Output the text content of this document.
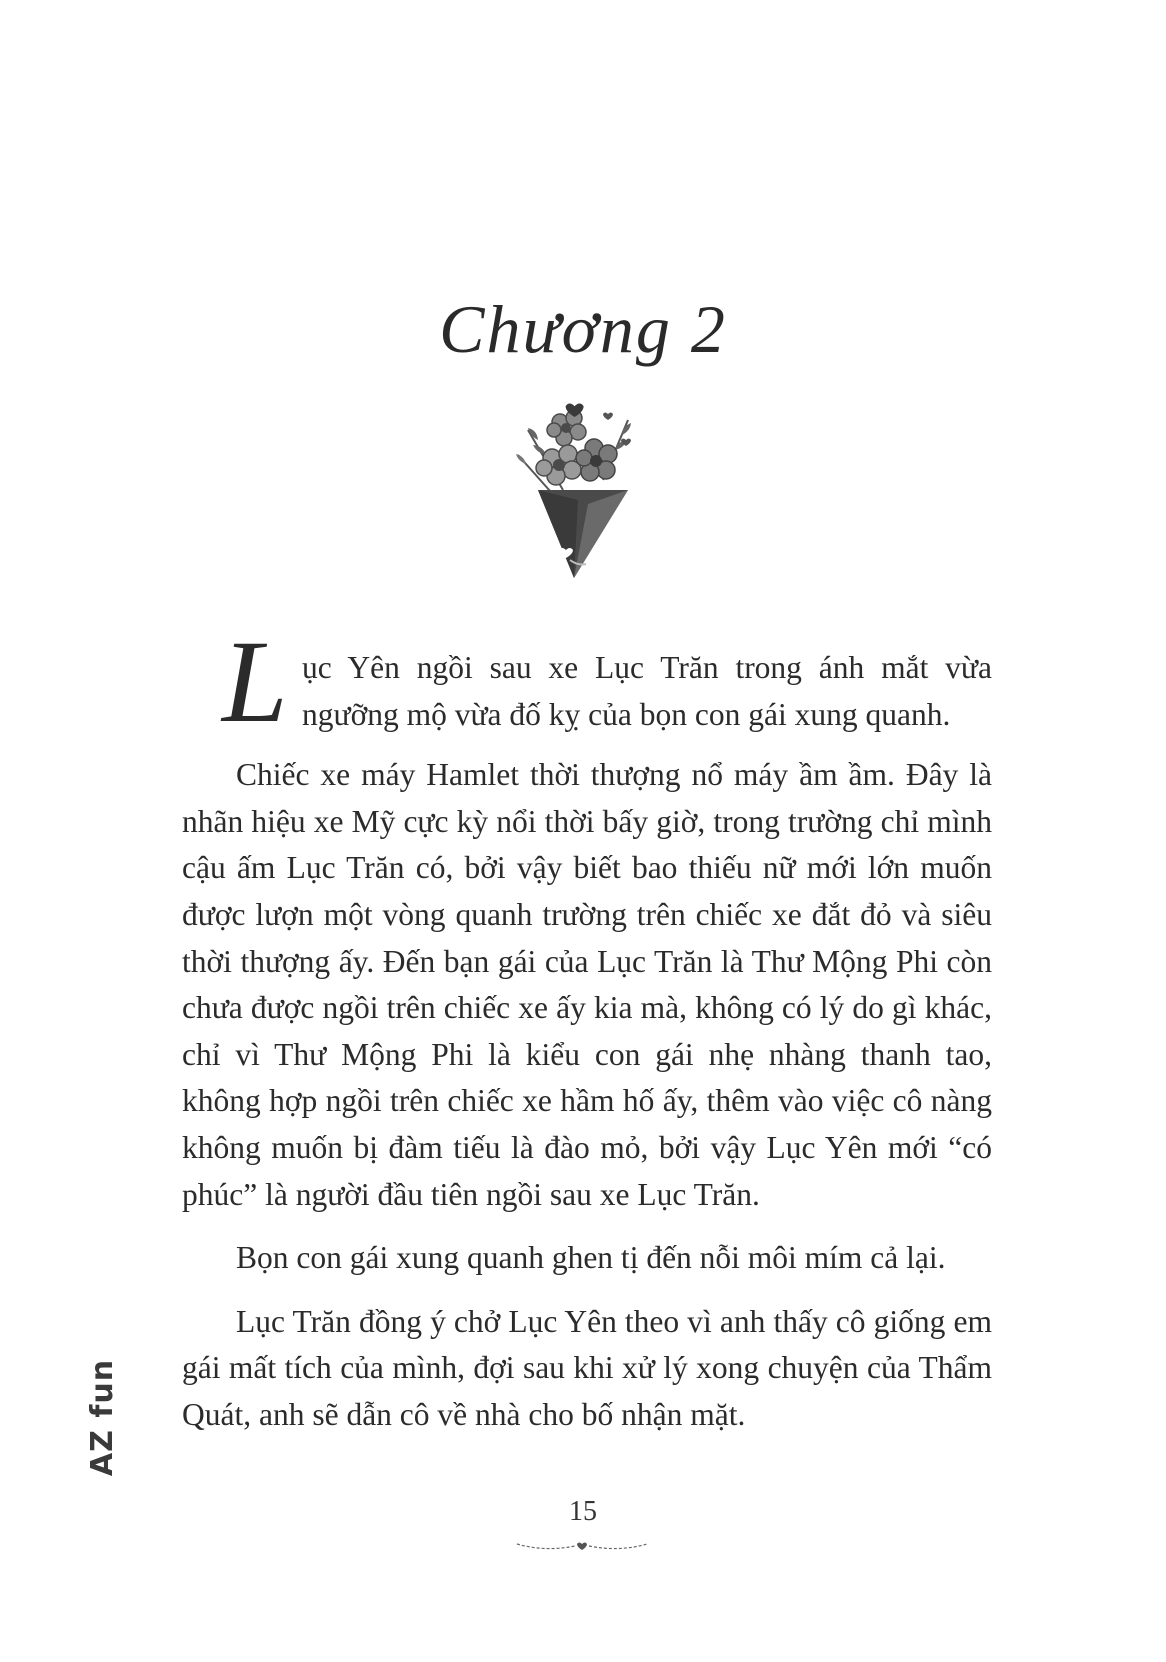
Chương 2

L ục Yên ngồi sau xe Lục Trăn trong ánh mắt vừa ngưỡng mộ vừa đố kỵ của bọn con gái xung quanh.

Chiếc xe máy Hamlet thời thượng nổ máy ầm ầm. Đây là nhãn hiệu xe Mỹ cực kỳ nổi thời bấy giờ, trong trường chỉ mình cậu ấm Lục Trăn có, bởi vậy biết bao thiếu nữ mới lớn muốn được lượn một vòng quanh trường trên chiếc xe đắt đỏ và siêu thời thượng ấy. Đến bạn gái của Lục Trăn là Thư Mộng Phi còn chưa được ngồi trên chiếc xe ấy kia mà, không có lý do gì khác, chỉ vì Thư Mộng Phi là kiểu con gái nhẹ nhàng thanh tao, không hợp ngồi trên chiếc xe hầm hố ấy, thêm vào việc cô nàng không muốn bị đàm tiếu là đào mỏ, bởi vậy Lục Yên mới “có phúc” là người đầu tiên ngồi sau xe Lục Trăn.

Bọn con gái xung quanh ghen tị đến nỗi môi mím cả lại.

Lục Trăn đồng ý chở Lục Yên theo vì anh thấy cô giống em gái mất tích của mình, đợi sau khi xử lý xong chuyện của Thẩm Quát, anh sẽ dẫn cô về nhà cho bố nhận mặt.

AZ fun
15
